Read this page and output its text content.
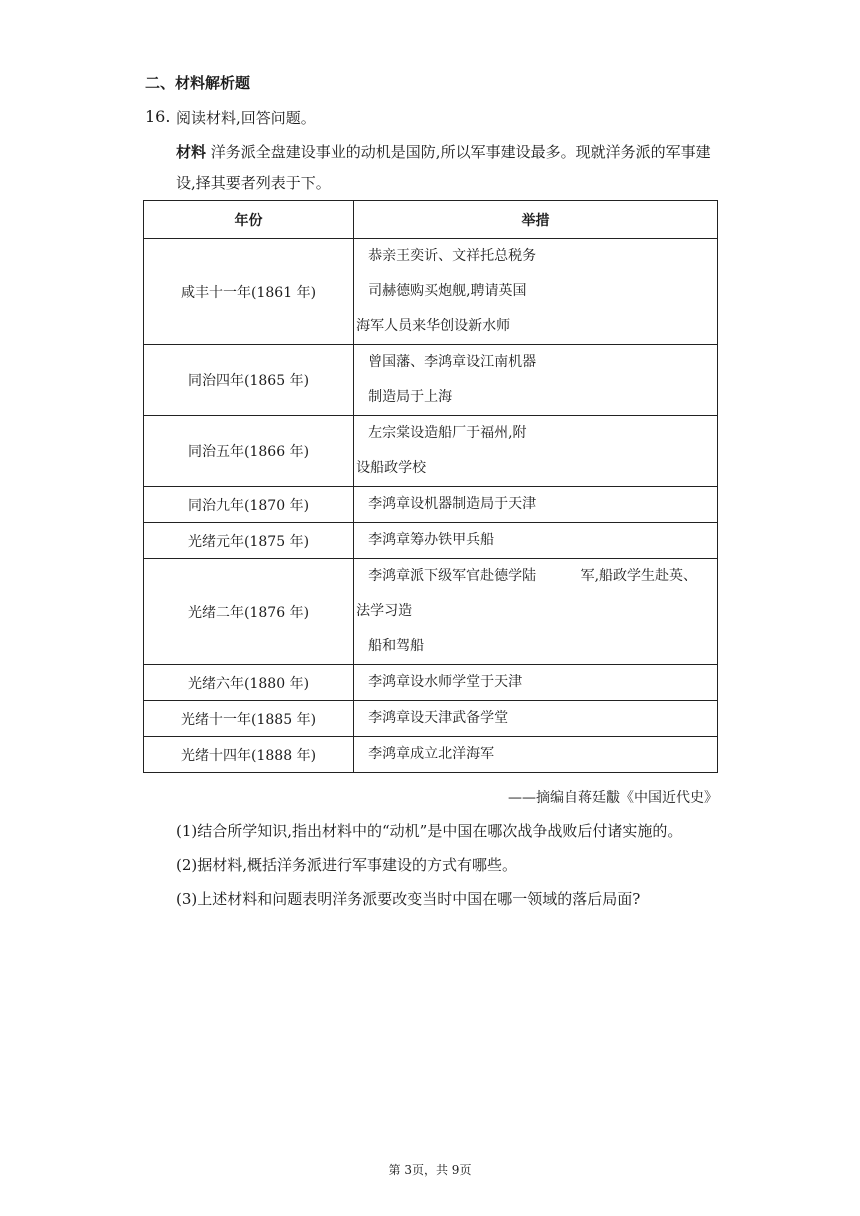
二、材料解析题
16. 阅读材料,回答问题。
材料 洋务派全盘建设事业的动机是国防,所以军事建设最多。现就洋务派的军事建设,择其要者列表于下。
年份	举措
咸丰十一年(1861 年)	恭亲王奕䜣、文祥托总税务
司赫德购买炮舰,聘请英国
海军人员来华创设新水师

同治四年(1865 年)	曾国藩、李鸿章设江南机器
制造局于上海

同治五年(1866 年)	左宗棠设造船厂于福州,附
设船政学校

同治九年(1870 年)	李鸿章设机器制造局于天津

光绪元年(1875 年)	李鸿章筹办铁甲兵船

光绪二年(1876 年)	李鸿章派下级军官赴德学陆          军,船政学生赴英、
法学习造
船和驾船

光绪六年(1880 年)	李鸿章设水师学堂于天津

光绪十一年(1885 年)	李鸿章设天津武备学堂

光绪十四年(1888 年)	李鸿章成立北洋海军
——摘编自蒋廷黻《中国近代史》
(1)结合所学知识,指出材料中的“动机”是中国在哪次战争战败后付诸实施的。
(2)据材料,概括洋务派进行军事建设的方式有哪些。
(3)上述材料和问题表明洋务派要改变当时中国在哪一领域的落后局面?
第 3页，共 9页
